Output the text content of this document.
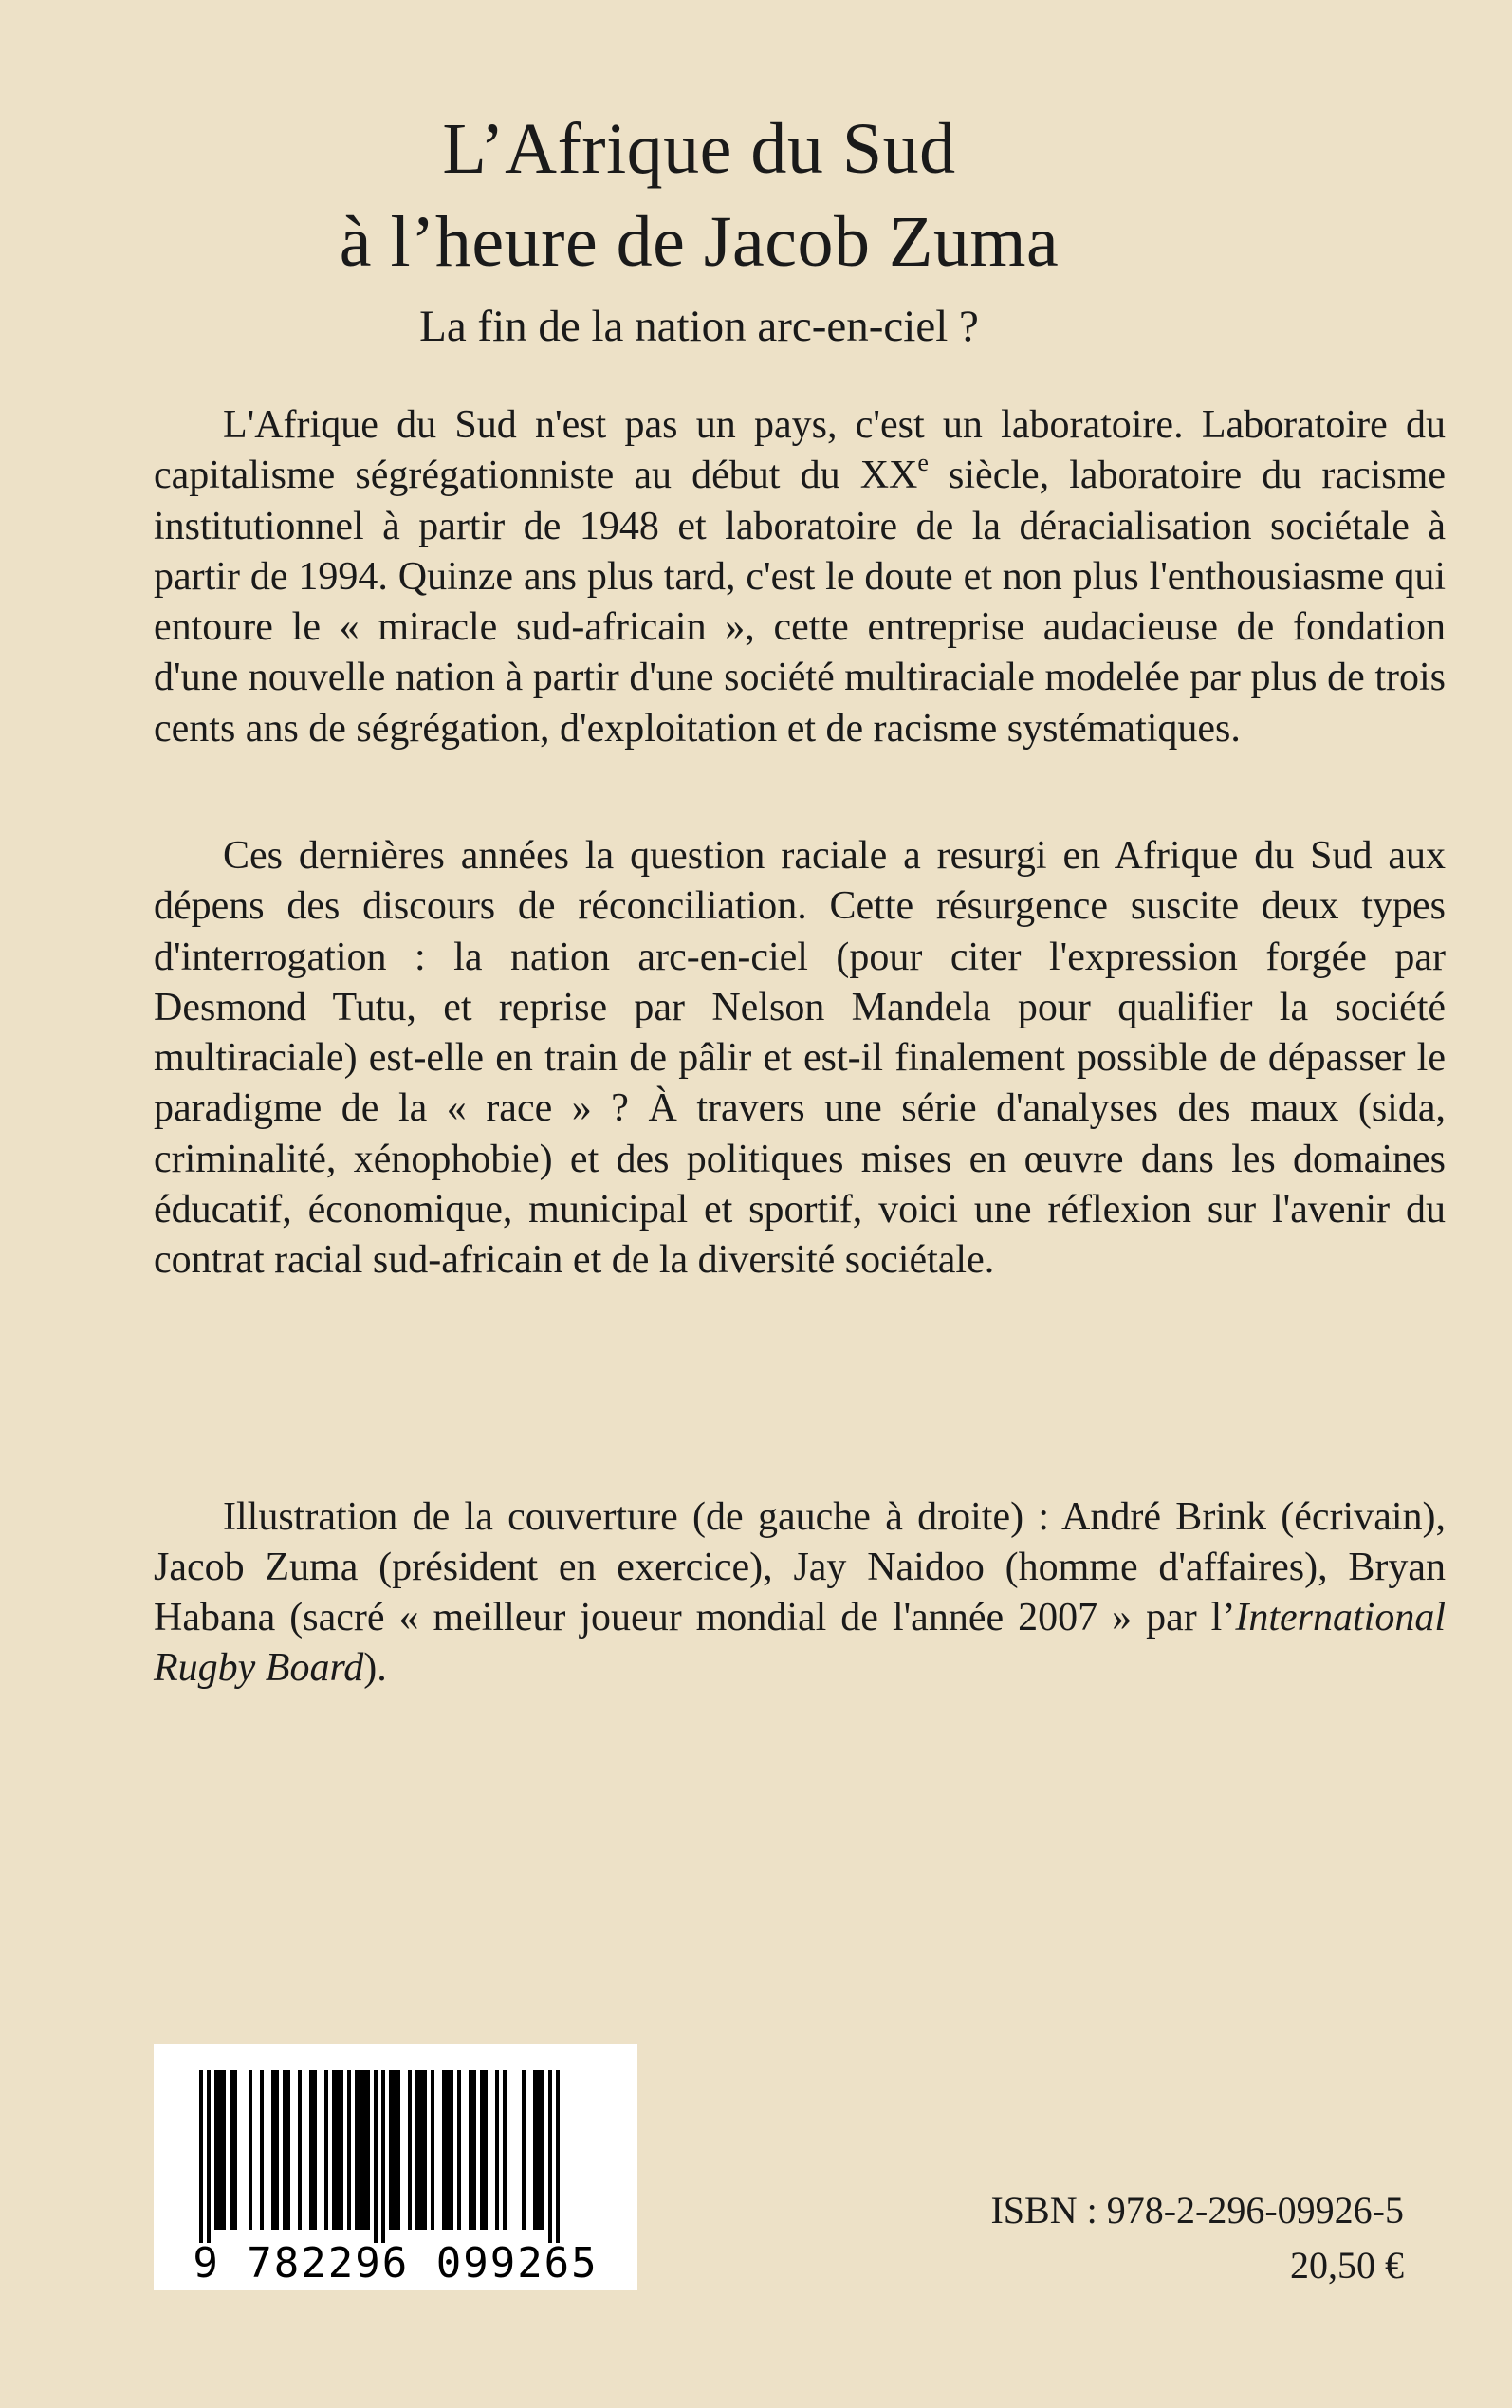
L’Afrique du Sud
à l’heure de Jacob Zuma
La fin de la nation arc-en-ciel ?

L'Afrique du Sud n'est pas un pays, c'est un laboratoire. Laboratoire du capitalisme ségrégationniste au début du XXe siècle, laboratoire du racisme institutionnel à partir de 1948 et laboratoire de la déracialisation sociétale à partir de 1994. Quinze ans plus tard, c'est le doute et non plus l'enthousiasme qui entoure le « miracle sud-africain », cette entreprise audacieuse de fondation d'une nouvelle nation à partir d'une société multiraciale modelée par plus de trois cents ans de ségrégation, d'exploitation et de racisme systématiques.

Ces dernières années la question raciale a resurgi en Afrique du Sud aux dépens des discours de réconciliation. Cette résurgence suscite deux types d'interrogation : la nation arc-en-ciel (pour citer l'expression forgée par Desmond Tutu, et reprise par Nelson Mandela pour qualifier la société multiraciale) est-elle en train de pâlir et est-il finalement possible de dépasser le paradigme de la « race » ? À travers une série d'analyses des maux (sida, criminalité, xénophobie) et des politiques mises en œuvre dans les domaines éducatif, économique, municipal et sportif, voici une réflexion sur l'avenir du contrat racial sud-africain et de la diversité sociétale.

Illustration de la couverture (de gauche à droite) : André Brink (écrivain), Jacob Zuma (président en exercice), Jay Naidoo (homme d'affaires), Bryan Habana (sacré « meilleur joueur mondial de l'année 2007 » par l’International Rugby Board).

9 782296 099265
ISBN : 978-2-296-09926-5
20,50 €
